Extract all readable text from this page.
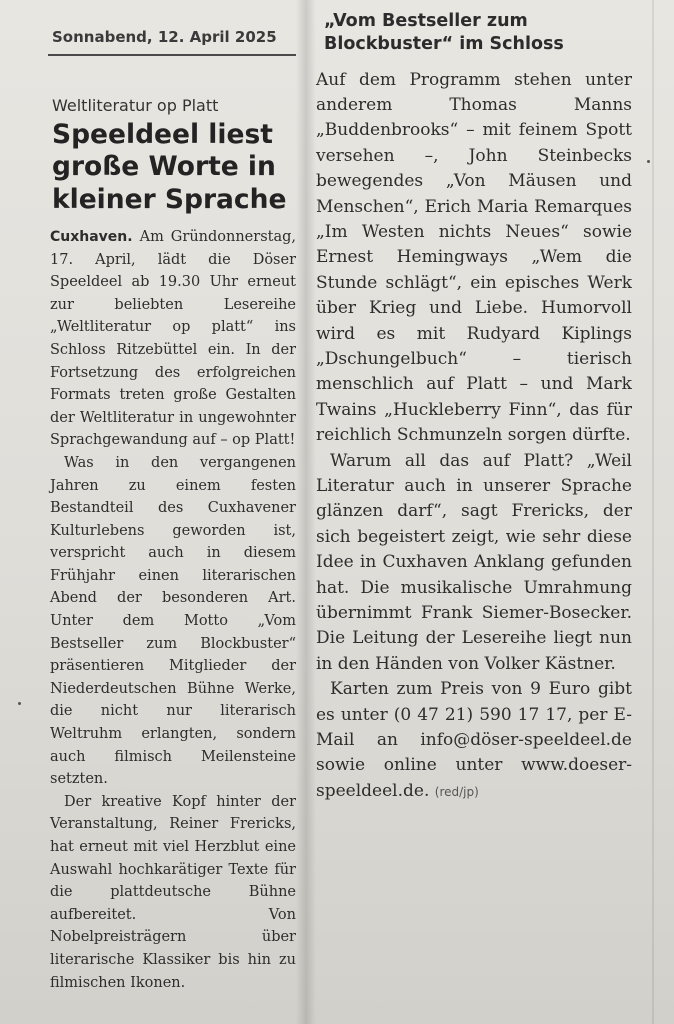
Sonnabend, 12. April 2025
Weltliteratur op Platt
Speeldeel liest
große Worte in
kleiner Sprache

Cuxhaven. Am Gründonnerstag, 17. April, lädt die Döser Speeldeel ab 19.30 Uhr erneut zur beliebten Lesereihe „Weltliteratur op platt“ ins Schloss Ritzebüttel ein. In der Fortsetzung des erfolgreichen Formats treten große Gestalten der Weltliteratur in ungewohnter Sprachgewandung auf – op Platt!

Was in den vergangenen Jahren zu einem festen Bestandteil des Cuxhavener Kulturlebens geworden ist, verspricht auch in diesem Frühjahr einen literarischen Abend der besonderen Art. Unter dem Motto „Vom Bestseller zum Blockbuster“ präsentieren Mitglieder der Niederdeutschen Bühne Werke, die nicht nur literarisch Weltruhm erlangten, sondern auch filmisch Meilensteine setzten.

Der kreative Kopf hinter der Veranstaltung, Reiner Frericks, hat erneut mit viel Herzblut eine Auswahl hochkarätiger Texte für die plattdeutsche Bühne aufbereitet. Von Nobelpreisträgern über literarische Klassiker bis hin zu filmischen Ikonen.

„Vom Bestseller zum
Blockbuster“ im Schloss

Auf dem Programm stehen unter anderem Thomas Manns „Buddenbrooks“ – mit feinem Spott versehen –, John Steinbecks bewegendes „Von Mäusen und Menschen“, Erich Maria Remarques „Im Westen nichts Neues“ sowie Ernest Hemingways „Wem die Stunde schlägt“, ein episches Werk über Krieg und Liebe. Humorvoll wird es mit Rudyard Kiplings „Dschungelbuch“ – tierisch menschlich auf Platt – und Mark Twains „Huckleberry Finn“, das für reichlich Schmunzeln sorgen dürfte.

Warum all das auf Platt? „Weil Literatur auch in unserer Sprache glänzen darf“, sagt Frericks, der sich begeistert zeigt, wie sehr diese Idee in Cuxhaven Anklang gefunden hat. Die musikalische Umrahmung übernimmt Frank Siemer-Bosecker. Die Leitung der Lesereihe liegt nun in den Händen von Volker Kästner.

Karten zum Preis von 9 Euro gibt es unter (0 47 21) 590 17 17, per E-Mail an info@döser-speeldeel.de sowie online unter www.doeser-speeldeel.de. (red/jp)
